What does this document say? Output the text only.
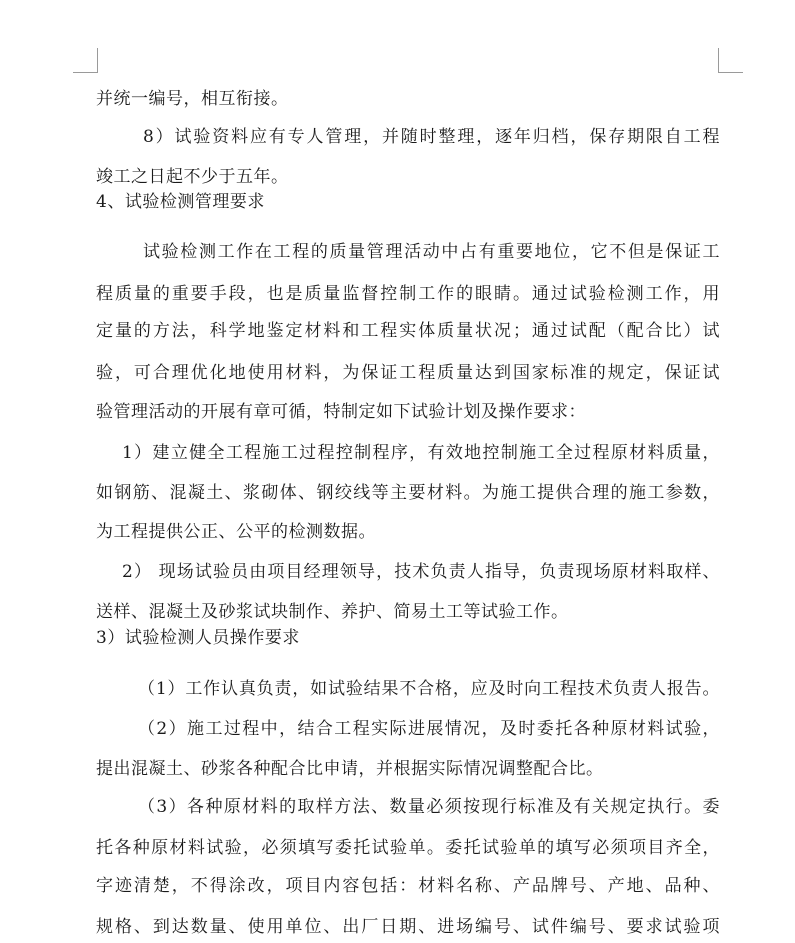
并统一编号，相互衔接。
8）试验资料应有专人管理，并随时整理，逐年归档，保存期限自工程
竣工之日起不少于五年。
4、试验检测管理要求
试验检测工作在工程的质量管理活动中占有重要地位，它不但是保证工
程质量的重要手段，也是质量监督控制工作的眼睛。通过试验检测工作，用
定量的方法，科学地鉴定材料和工程实体质量状况；通过试配（配合比）试
验，可合理优化地使用材料，为保证工程质量达到国家标准的规定，保证试
验管理活动的开展有章可循，特制定如下试验计划及操作要求：
1）建立健全工程施工过程控制程序，有效地控制施工全过程原材料质量，
如钢筋、混凝土、浆砌体、钢绞线等主要材料。为施工提供合理的施工参数，
为工程提供公正、公平的检测数据。
2） 现场试验员由项目经理领导，技术负责人指导，负责现场原材料取样、
送样、混凝土及砂浆试块制作、养护、简易土工等试验工作。
3）试验检测人员操作要求
（1）工作认真负责，如试验结果不合格，应及时向工程技术负责人报告。
（2）施工过程中，结合工程实际进展情况，及时委托各种原材料试验，
提出混凝土、砂浆各种配合比申请，并根据实际情况调整配合比。
（3）各种原材料的取样方法、数量必须按现行标准及有关规定执行。委
托各种原材料试验，必须填写委托试验单。委托试验单的填写必须项目齐全，
字迹清楚，不得涂改，项目内容包括：材料名称、产品牌号、产地、品种、
规格、到达数量、使用单位、出厂日期、进场编号、试件编号、要求试验项
